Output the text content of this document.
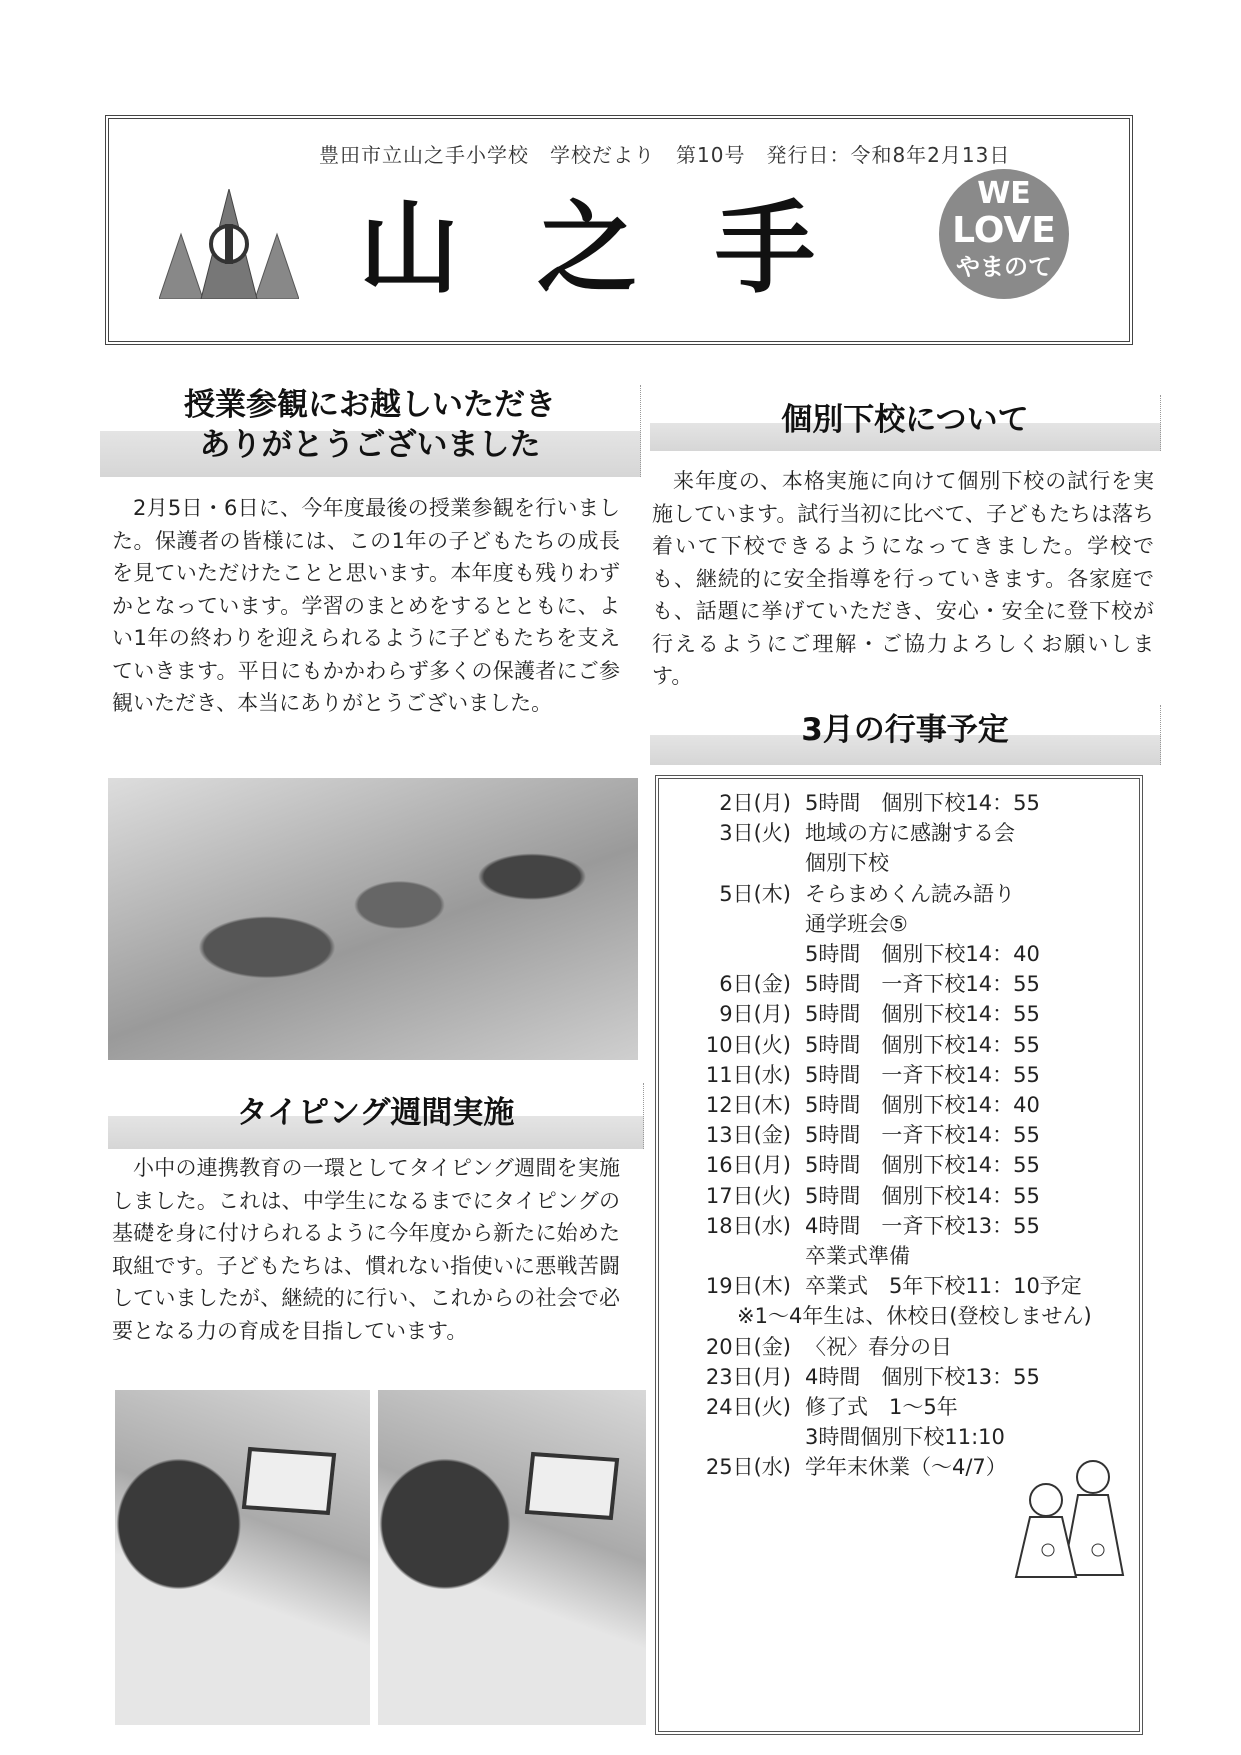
豊田市立山之手小学校　学校だより　第10号　発行日：令和8年2月13日
山之手	WE
LOVE
やまのて
授業参観にお越しいただき
ありがとうございました

2月5日・6日に、今年度最後の授業参観を行いました。保護者の皆様には、この1年の子どもたちの成長を見ていただけたことと思います。本年度も残りわずかとなっています。学習のまとめをするとともに、よい1年の終わりを迎えられるように子どもたちを支えていきます。平日にもかかわらず多くの保護者にご参観いただき、本当にありがとうございました。

タイピング週間実施

小中の連携教育の一環としてタイピング週間を実施しました。これは、中学生になるまでにタイピングの基礎を身に付けられるように今年度から新たに始めた取組です。子どもたちは、慣れない指使いに悪戦苦闘していましたが、継続的に行い、これからの社会で必要となる力の育成を目指しています。

個別下校について

来年度の、本格実施に向けて個別下校の試行を実施しています。試行当初に比べて、子どもたちは落ち着いて下校できるようになってきました。学校でも、継続的に安全指導を行っていきます。各家庭でも、話題に挙げていただき、安心・安全に登下校が行えるようにご理解・ご協力よろしくお願いします。

3月の行事予定
2日(月) 5時間　個別下校14：55
3日(火) 地域の方に感謝する会
個別下校
5日(木) そらまめくん読み語り
通学班会⑤
5時間　個別下校14：40
6日(金) 5時間　一斉下校14：55
9日(月) 5時間　個別下校14：55
10日(火) 5時間　個別下校14：55
11日(水) 5時間　一斉下校14：55
12日(木) 5時間　個別下校14：40
13日(金) 5時間　一斉下校14：55
16日(月) 5時間　個別下校14：55
17日(火) 5時間　個別下校14：55
18日(水) 4時間　一斉下校13：55
卒業式準備
19日(木) 卒業式　5年下校11：10予定
※1～4年生は、休校日(登校しません)
20日(金) 〈祝〉春分の日
23日(月) 4時間　個別下校13：55
24日(火) 修了式　1～5年
3時間個別下校11:10
25日(水) 学年末休業（～4/7）
